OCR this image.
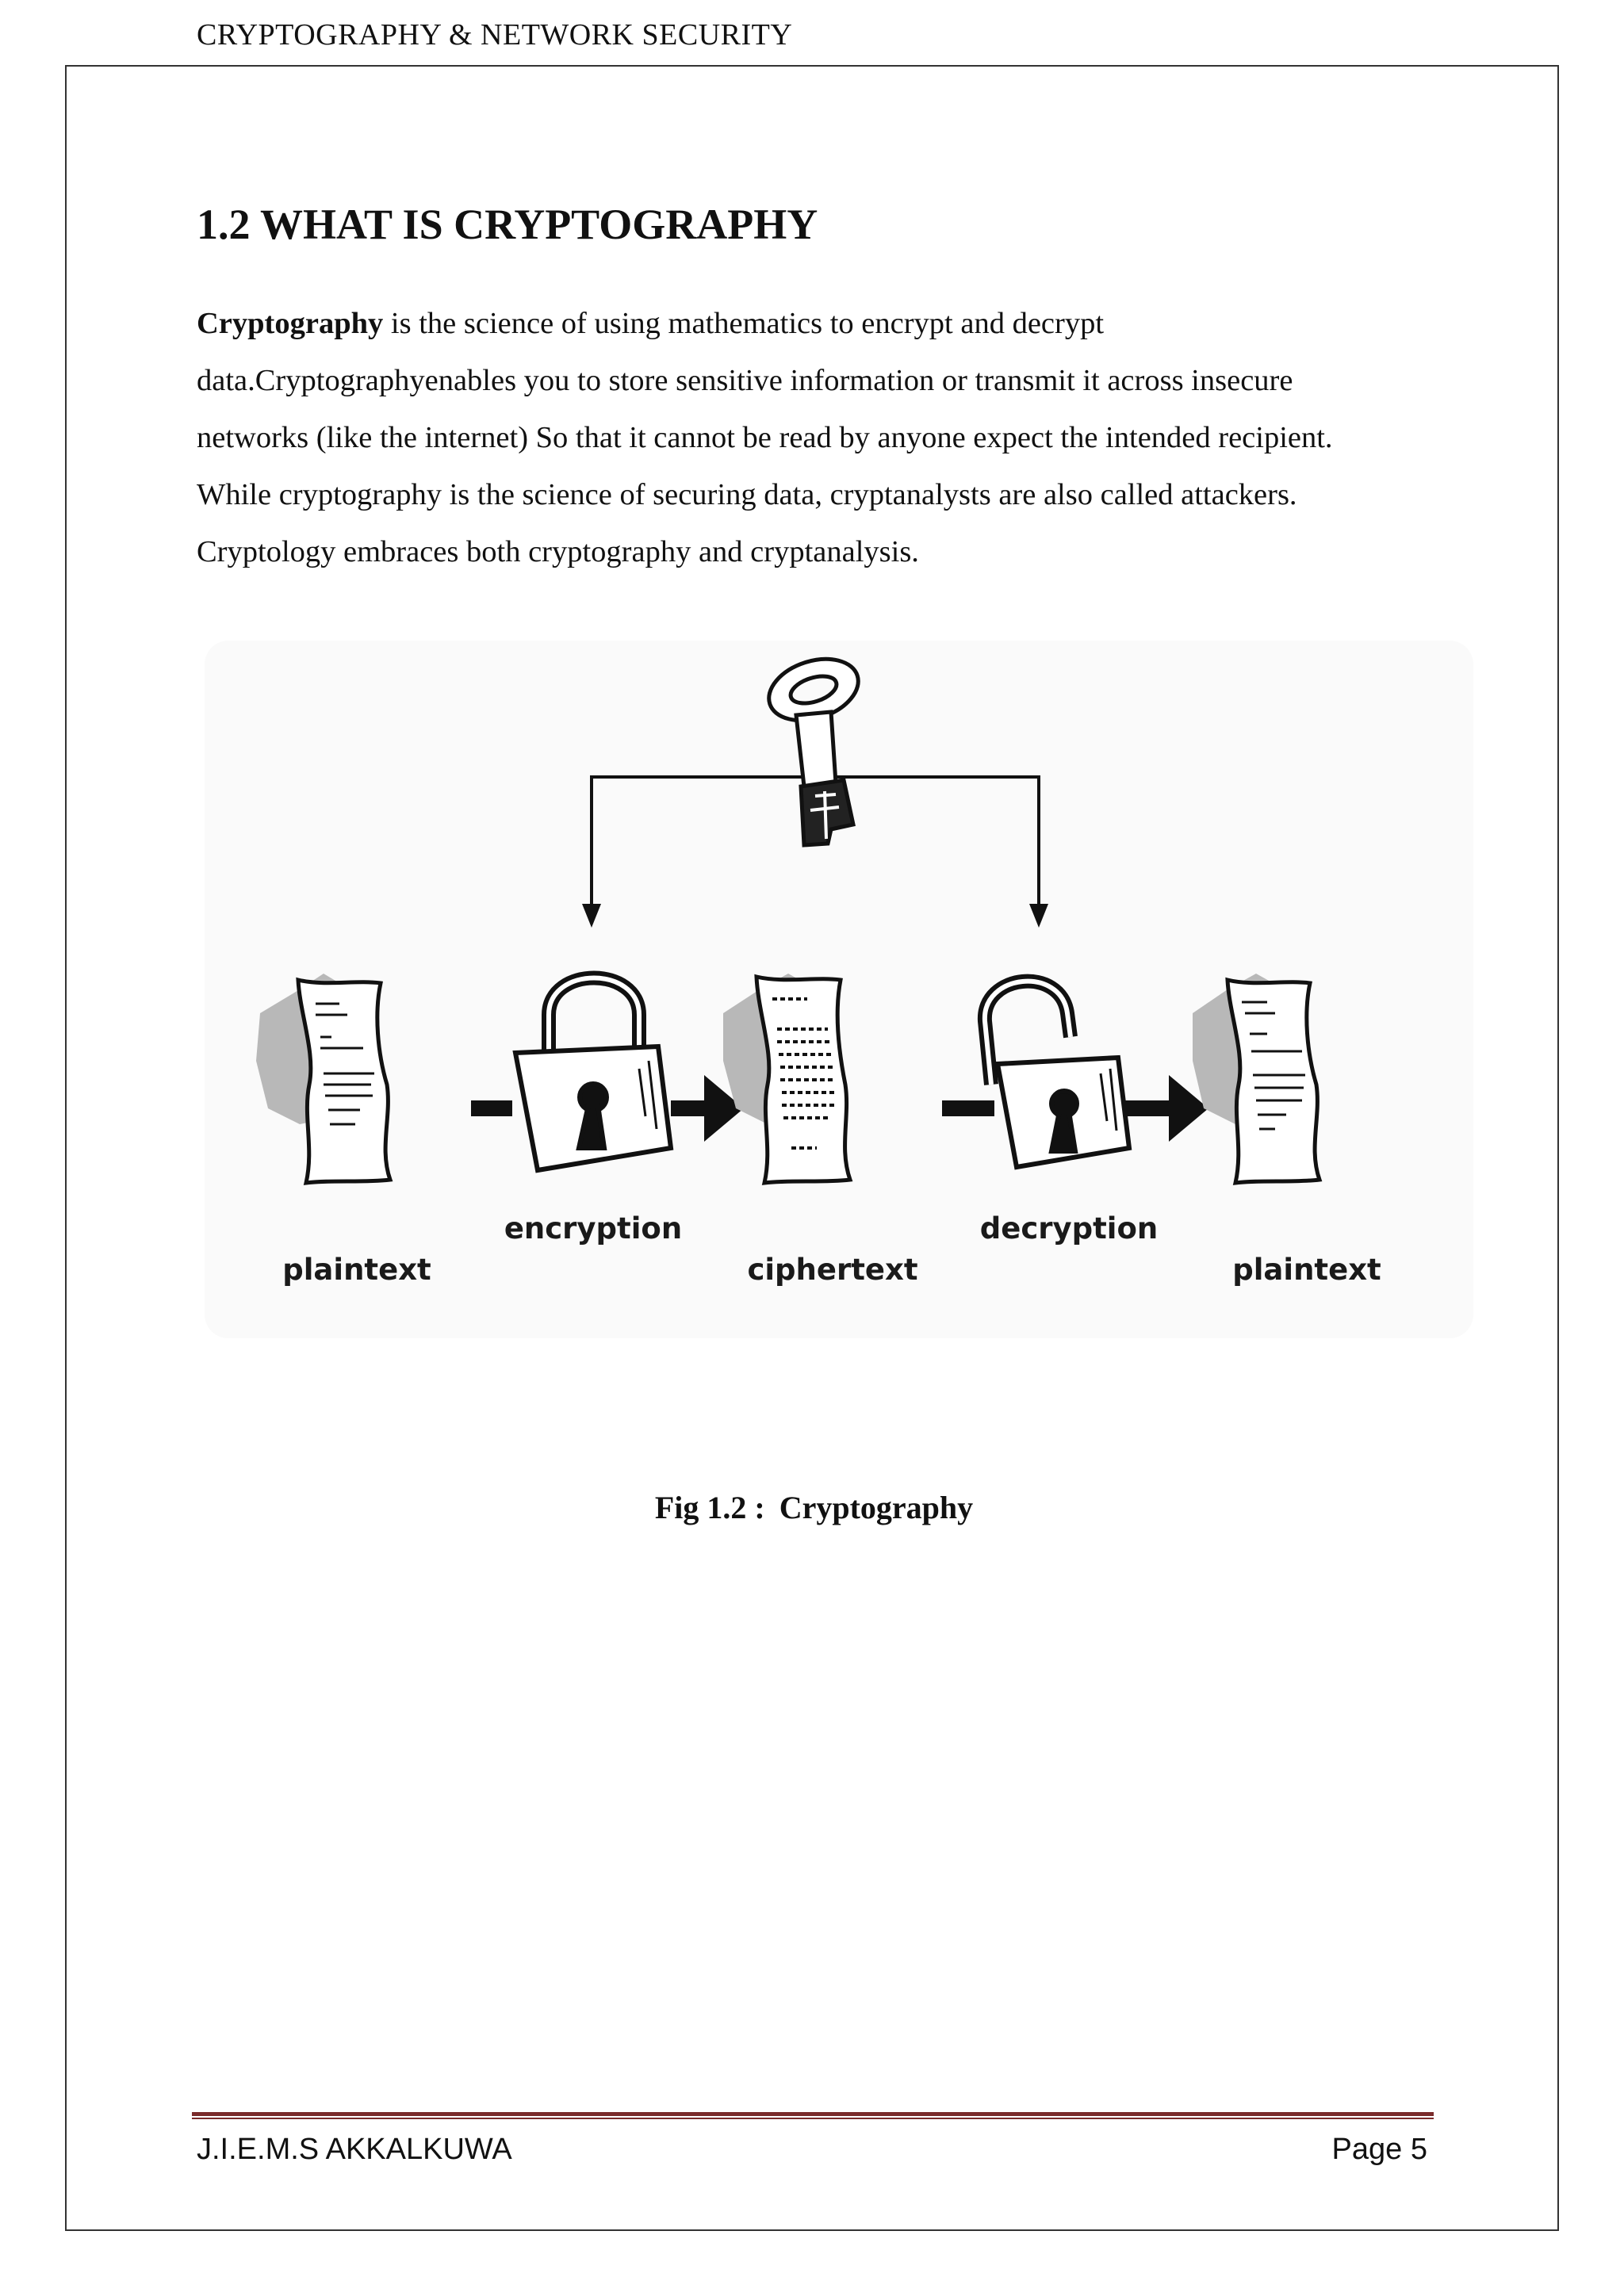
CRYPTOGRAPHY & NETWORK SECURITY
1.2 WHAT IS CRYPTOGRAPHY

Cryptography is the science of using mathematics to encrypt and decrypt
data.Cryptographyenables you to store sensitive information or transmit it across insecure
networks (like the internet) So that it cannot be read by anyone expect the intended recipient.
While cryptography is the science of securing data, cryptanalysts are also called attackers.
Cryptology embraces both cryptography and cryptanalysis.

encryption	decryption
plaintext	ciphertext	plaintext
Fig 1.2 : Cryptography
J.I.E.M.S AKKALKUWA	Page 5
